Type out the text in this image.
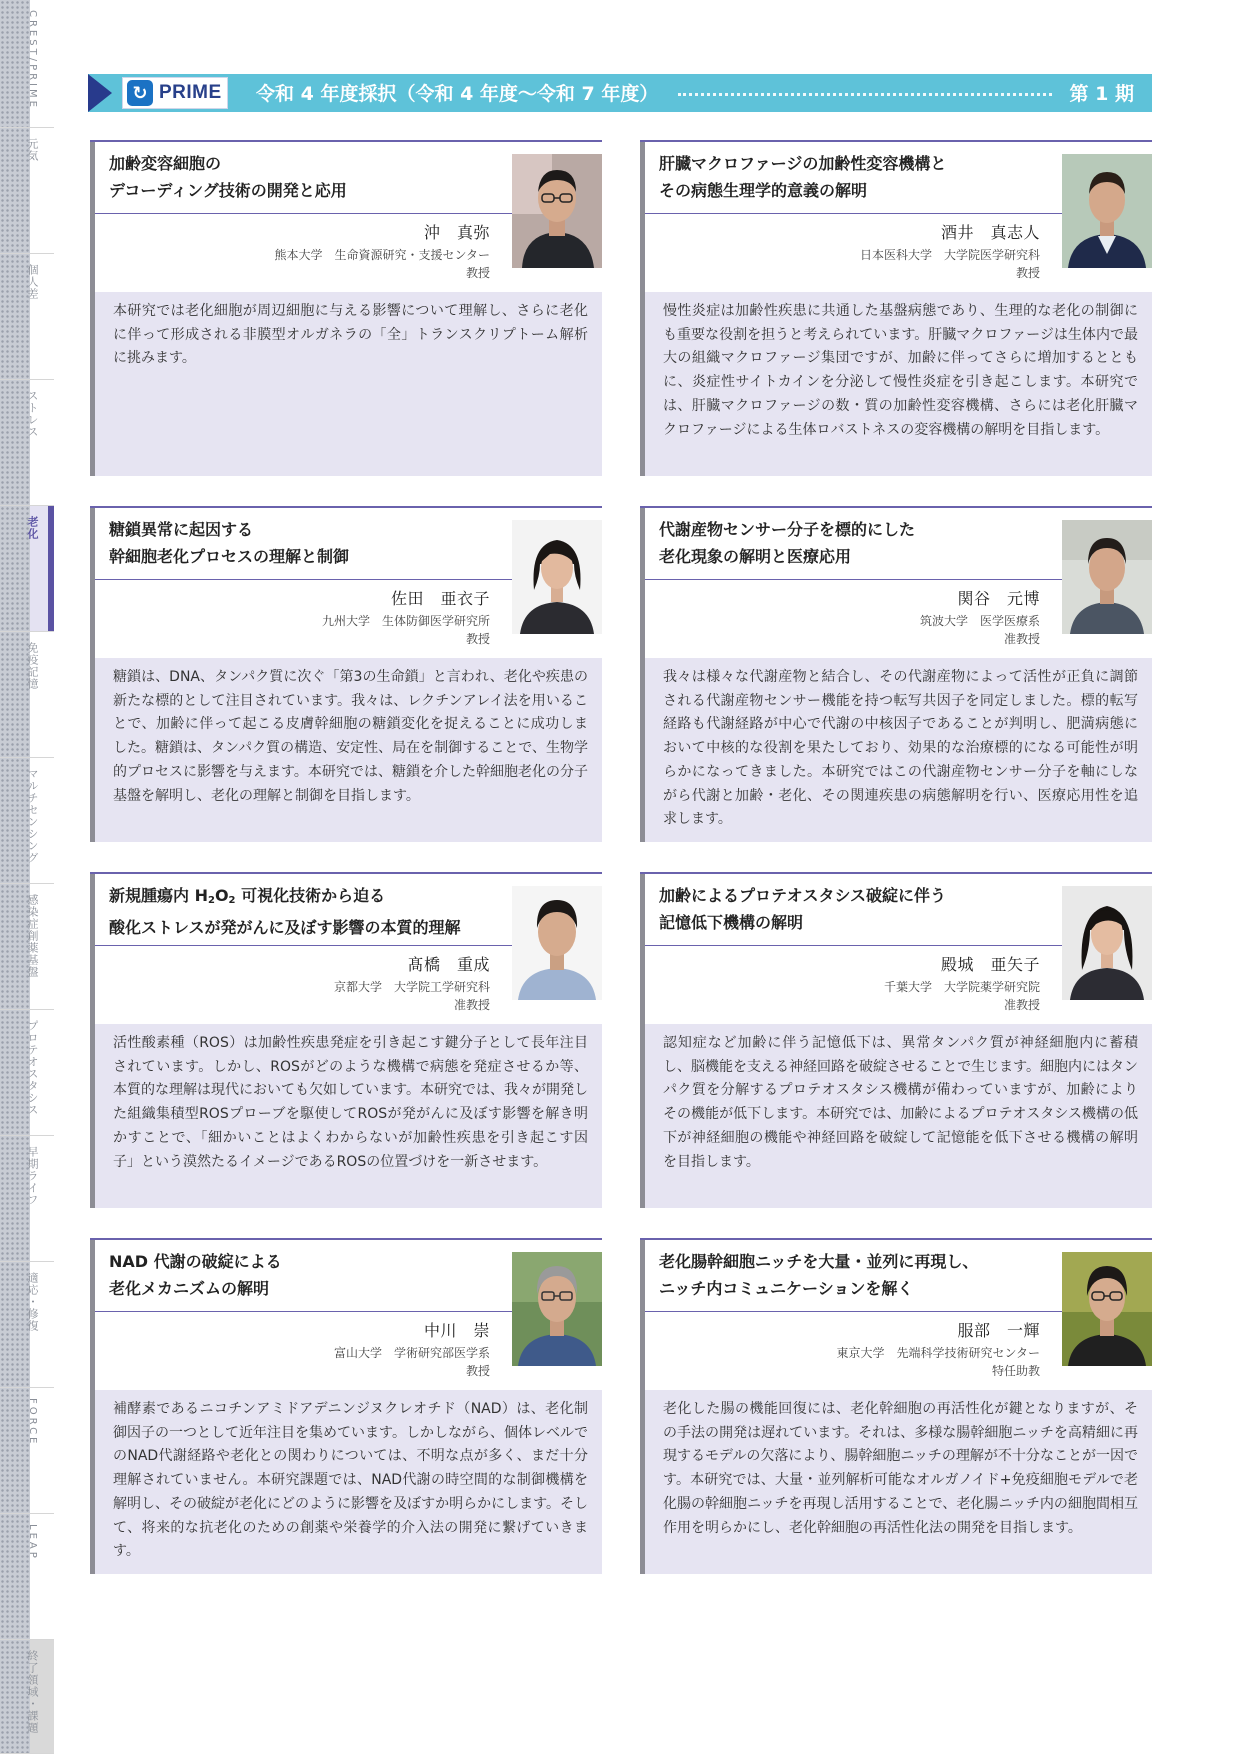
CREST/PRIME
元気
個人差
ストレス
老化
免疫記憶
マルチセンシング
感染症創薬基盤
プロテオスタシス
早期ライフ
適応・修復
FORCE
LEAP
終了領域・課題
↻ PRIME 令和 4 年度採択（令和 4 年度〜令和 7 年度）	第 1 期
加齢変容細胞の
デコーディング技術の開発と応用
沖　真弥
熊本大学　生命資源研究・支援センター
教授

本研究では老化細胞が周辺細胞に与える影響について理解し、さらに老化に伴って形成される非膜型オルガネラの「全」トランスクリプトーム解析に挑みます。

肝臓マクロファージの加齢性変容機構と
その病態生理学的意義の解明
酒井　真志人
日本医科大学　大学院医学研究科
教授

慢性炎症は加齢性疾患に共通した基盤病態であり、生理的な老化の制御にも重要な役割を担うと考えられています。肝臓マクロファージは生体内で最大の組織マクロファージ集団ですが、加齢に伴ってさらに増加するとともに、炎症性サイトカインを分泌して慢性炎症を引き起こします。本研究では、肝臓マクロファージの数・質の加齢性変容機構、さらには老化肝臓マクロファージによる生体ロバストネスの変容機構の解明を目指します。

糖鎖異常に起因する
幹細胞老化プロセスの理解と制御
佐田　亜衣子
九州大学　生体防御医学研究所
教授

糖鎖は、DNA、タンパク質に次ぐ「第3の生命鎖」と言われ、老化や疾患の新たな標的として注目されています。我々は、レクチンアレイ法を用いることで、加齢に伴って起こる皮膚幹細胞の糖鎖変化を捉えることに成功しました。糖鎖は、タンパク質の構造、安定性、局在を制御することで、生物学的プロセスに影響を与えます。本研究では、糖鎖を介した幹細胞老化の分子基盤を解明し、老化の理解と制御を目指します。

代謝産物センサー分子を標的にした
老化現象の解明と医療応用
関谷　元博
筑波大学　医学医療系
准教授

我々は様々な代謝産物と結合し、その代謝産物によって活性が正負に調節される代謝産物センサー機能を持つ転写共因子を同定しました。標的転写経路も代謝経路が中心で代謝の中核因子であることが判明し、肥満病態において中核的な役割を果たしており、効果的な治療標的になる可能性が明らかになってきました。本研究ではこの代謝産物センサー分子を軸にしながら代謝と加齢・老化、その関連疾患の病態解明を行い、医療応用性を追求します。

新規腫瘍内 $H_2O_2$ 可視化技術から迫る
酸化ストレスが発がんに及ぼす影響の本質的理解
髙橋　重成
京都大学　大学院工学研究科
准教授

活性酸素種（ROS）は加齢性疾患発症を引き起こす鍵分子として長年注目されています。しかし、ROSがどのような機構で病態を発症させるか等、本質的な理解は現代においても欠如しています。本研究では、我々が開発した組織集積型ROSプローブを駆使してROSが発がんに及ぼす影響を解き明かすことで、「細かいことはよくわからないが加齢性疾患を引き起こす因子」という漠然たるイメージであるROSの位置づけを一新させます。

加齢によるプロテオスタシス破綻に伴う
記憶低下機構の解明
殿城　亜矢子
千葉大学　大学院薬学研究院
准教授

認知症など加齢に伴う記憶低下は、異常タンパク質が神経細胞内に蓄積し、脳機能を支える神経回路を破綻させることで生じます。細胞内にはタンパク質を分解するプロテオスタシス機構が備わっていますが、加齢によりその機能が低下します。本研究では、加齢によるプロテオスタシス機構の低下が神経細胞の機能や神経回路を破綻して記憶能を低下させる機構の解明を目指します。

NAD 代謝の破綻による
老化メカニズムの解明
中川　崇
富山大学　学術研究部医学系
教授

補酵素であるニコチンアミドアデニンジヌクレオチド（NAD）は、老化制御因子の一つとして近年注目を集めています。しかしながら、個体レベルでのNAD代謝経路や老化との関わりについては、不明な点が多く、まだ十分理解されていません。本研究課題では、NAD代謝の時空間的な制御機構を解明し、その破綻が老化にどのように影響を及ぼすか明らかにします。そして、将来的な抗老化のための創薬や栄養学的介入法の開発に繋げていきます。

老化腸幹細胞ニッチを大量・並列に再現し、
ニッチ内コミュニケーションを解く
服部　一輝
東京大学　先端科学技術研究センター
特任助教

老化した腸の機能回復には、老化幹細胞の再活性化が鍵となりますが、その手法の開発は遅れています。それは、多様な腸幹細胞ニッチを高精細に再現するモデルの欠落により、腸幹細胞ニッチの理解が不十分なことが一因です。本研究では、大量・並列解析可能なオルガノイド+免疫細胞モデルで老化腸の幹細胞ニッチを再現し活用することで、老化腸ニッチ内の細胞間相互作用を明らかにし、老化幹細胞の再活性化法の開発を目指します。
